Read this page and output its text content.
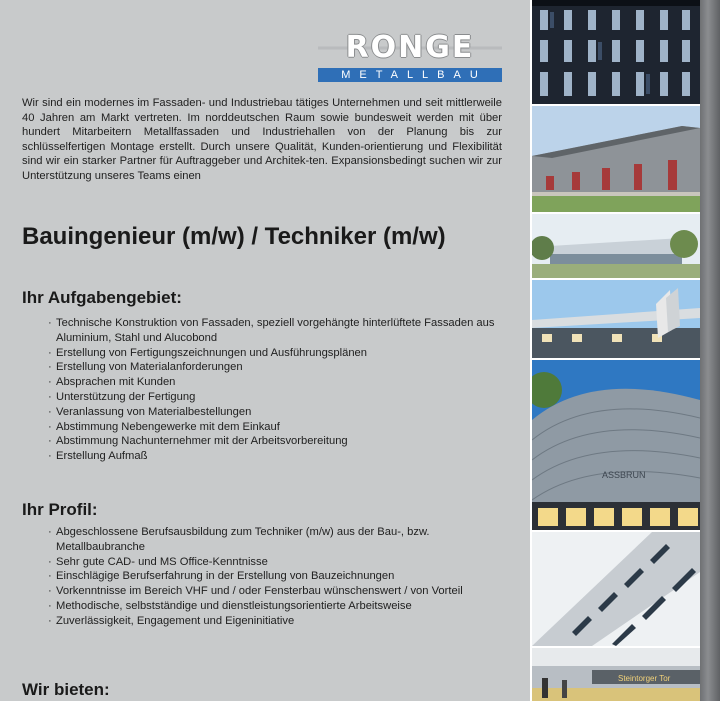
RONGE
METALLBAU

Wir sind ein modernes im Fassaden- und Industriebau tätiges Unternehmen und seit mittlerweile 40 Jahren am Markt vertreten. Im norddeutschen Raum sowie bundesweit werden mit über hundert Mitarbeitern Metallfassaden und Industriehallen von der Planung bis zur schlüsselfertigen Montage erstellt. Durch unsere Qualität, Kunden-orientierung und Flexibilität sind wir ein starker Partner für Auftraggeber und Architek-ten. Expansionsbedingt suchen wir zur Unterstützung unseres Teams einen

Bauingenieur (m/w) / Techniker (m/w)
Ihr Aufgabengebiet:
· Technische Konstruktion von Fassaden, speziell vorgehängte hinterlüftete Fassaden aus Aluminium, Stahl und Alucobond
· Erstellung von Fertigungszeichnungen und Ausführungsplänen
· Erstellung von Materialanforderungen
· Absprachen mit Kunden
· Unterstützung der Fertigung
· Veranlassung von Materialbestellungen
· Abstimmung Nebengewerke mit dem Einkauf
· Abstimmung Nachunternehmer mit der Arbeitsvorbereitung
· Erstellung Aufmaß
Ihr Profil:
· Abgeschlossene Berufsausbildung zum Techniker (m/w) aus der Bau-, bzw. Metallbaubranche
· Sehr gute CAD- und MS Office-Kenntnisse
· Einschlägige Berufserfahrung in der Erstellung von Bauzeichnungen
· Vorkenntnisse im Bereich VHF und / oder Fensterbau wünschenswert / von Vorteil
· Methodische, selbstständige und dienstleistungsorientierte Arbeitsweise
· Zuverlässigkeit, Engagement und Eigeninitiative
Wir bieten:
ASSBRUN
Steintorger Tor
